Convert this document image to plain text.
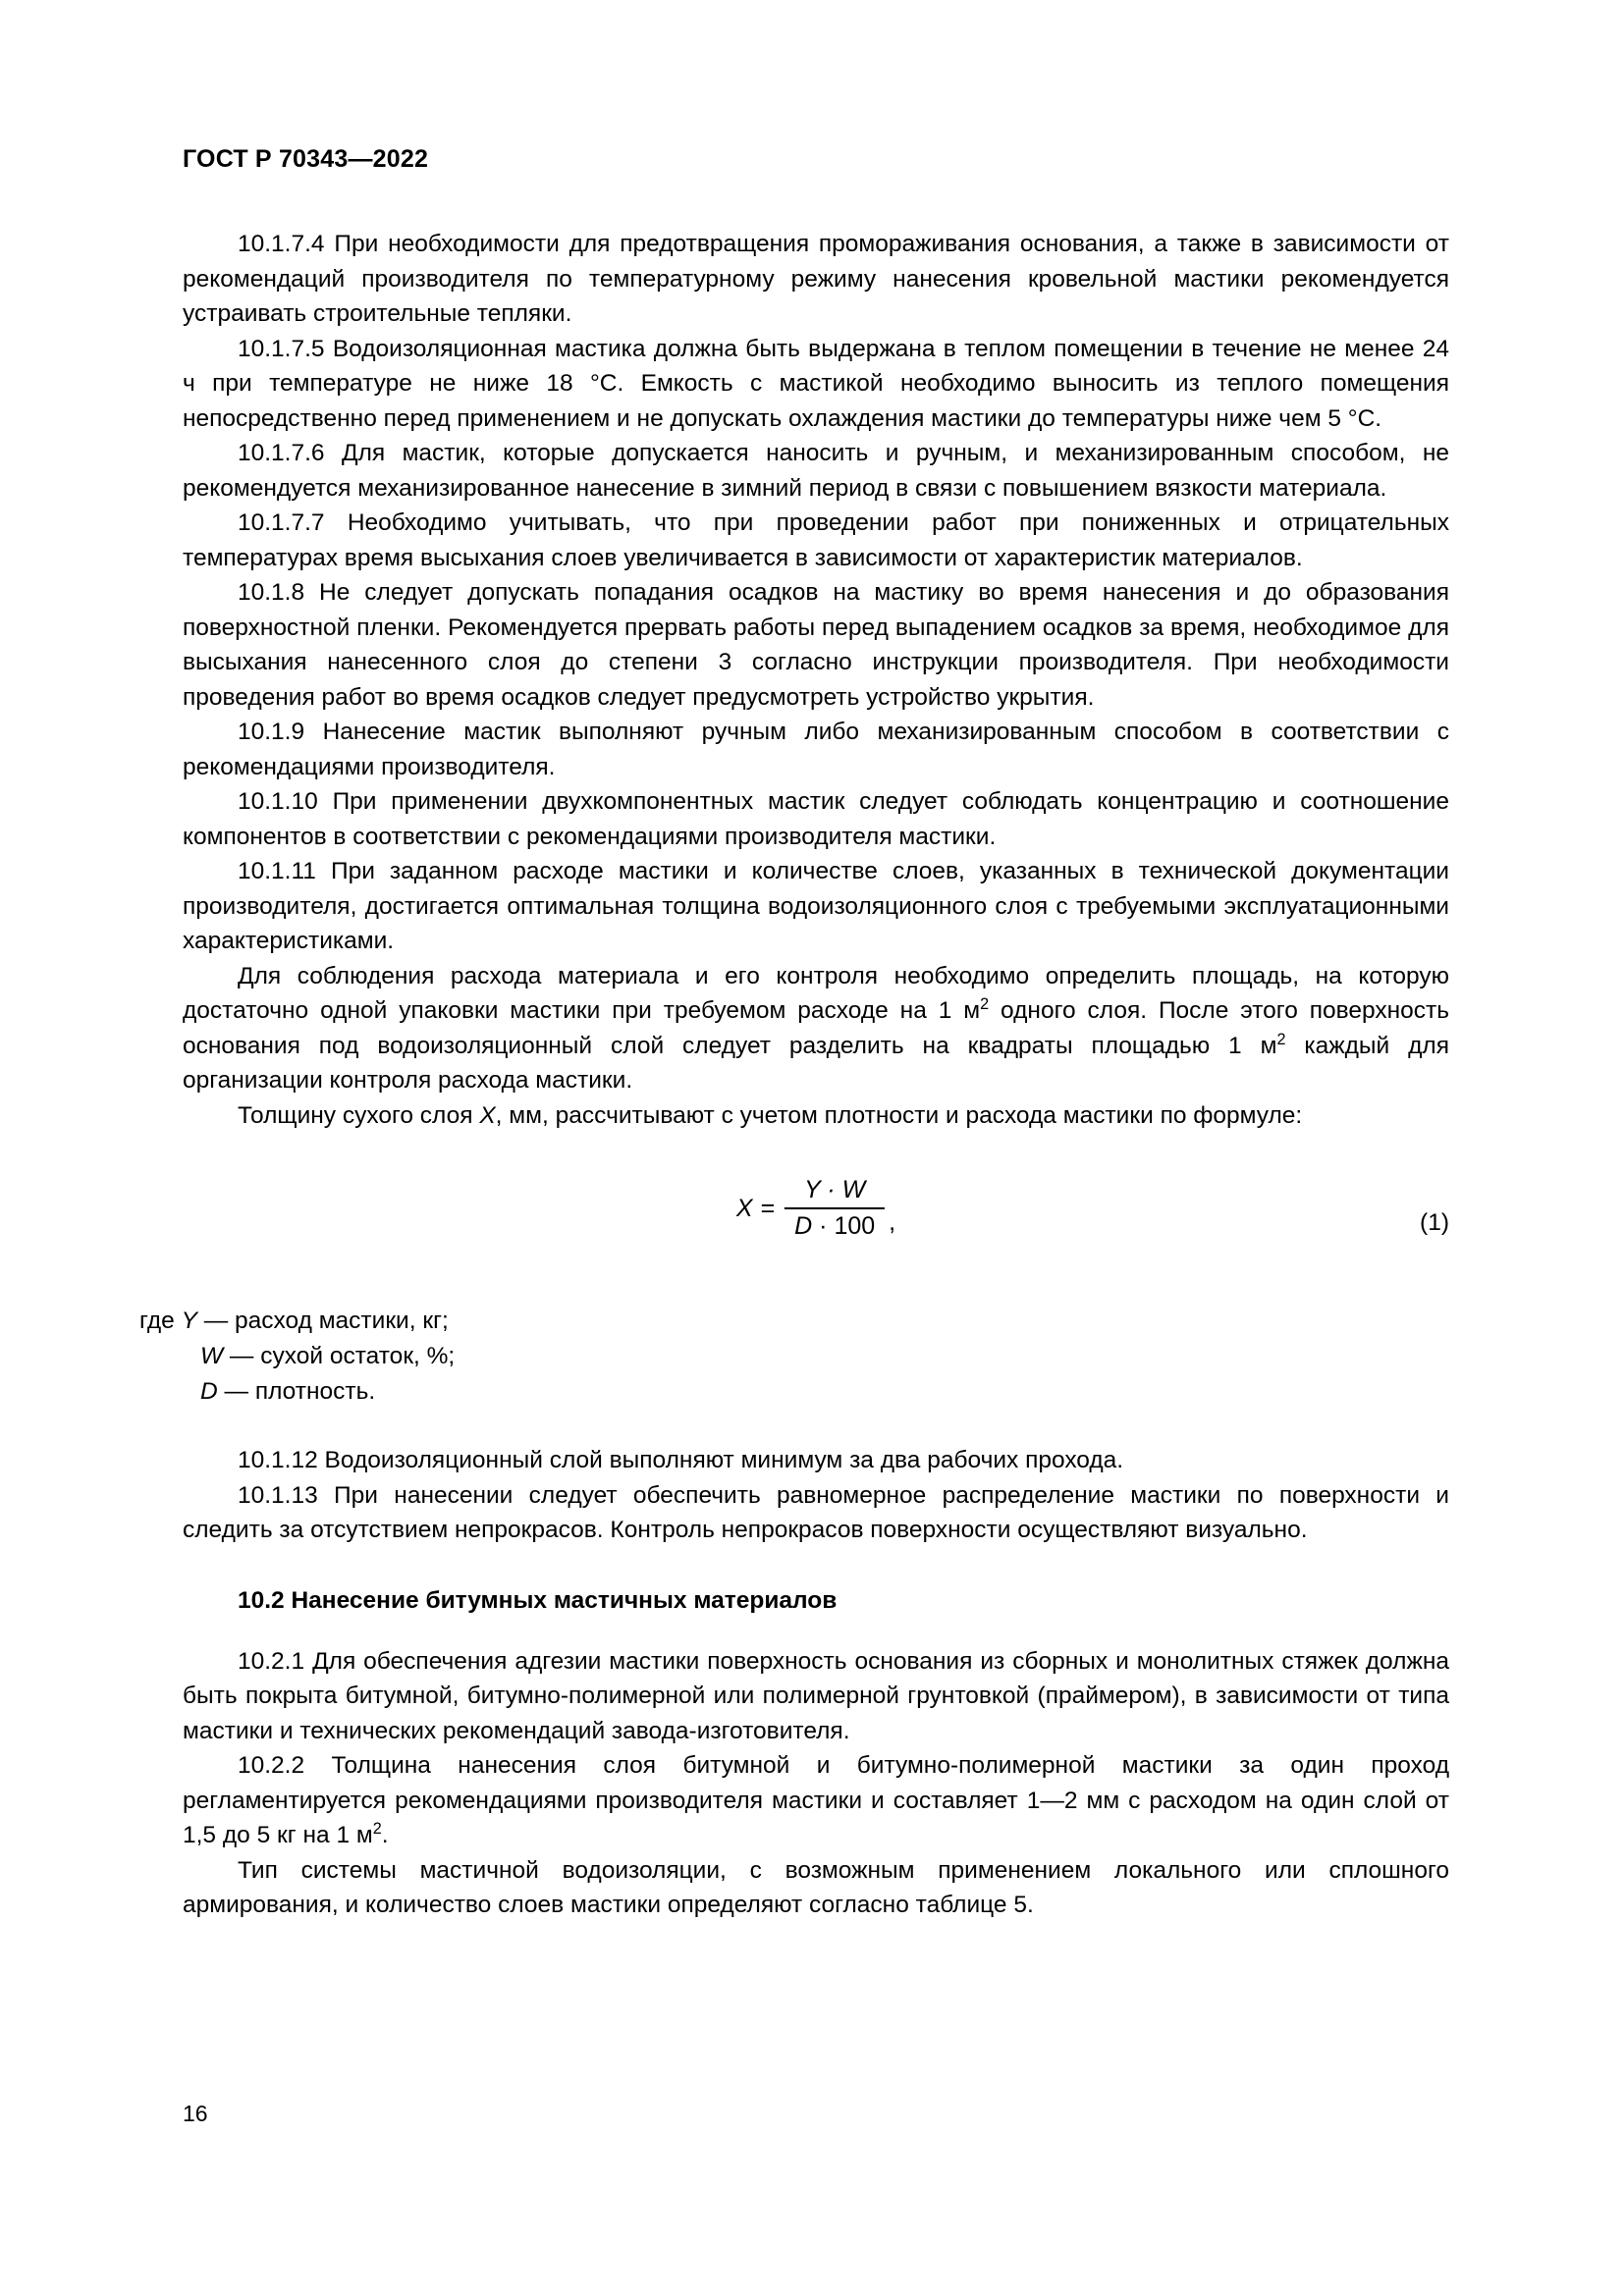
ГОСТ Р 70343—2022

10.1.7.4 При необходимости для предотвращения промораживания основания, а также в зависимости от рекомендаций производителя по температурному режиму нанесения кровельной мастики рекомендуется устраивать строительные тепляки.

10.1.7.5 Водоизоляционная мастика должна быть выдержана в теплом помещении в течение не менее 24 ч при температуре не ниже 18 °С. Емкость с мастикой необходимо выносить из теплого помещения непосредственно перед применением и не допускать охлаждения мастики до температуры ниже чем 5 °С.

10.1.7.6 Для мастик, которые допускается наносить и ручным, и механизированным способом, не рекомендуется механизированное нанесение в зимний период в связи с повышением вязкости материала.

10.1.7.7 Необходимо учитывать, что при проведении работ при пониженных и отрицательных температурах время высыхания слоев увеличивается в зависимости от характеристик материалов.

10.1.8 Не следует допускать попадания осадков на мастику во время нанесения и до образования поверхностной пленки. Рекомендуется прервать работы перед выпадением осадков за время, необходимое для высыхания нанесенного слоя до степени 3 согласно инструкции производителя. При необходимости проведения работ во время осадков следует предусмотреть устройство укрытия.

10.1.9 Нанесение мастик выполняют ручным либо механизированным способом в соответствии с рекомендациями производителя.

10.1.10 При применении двухкомпонентных мастик следует соблюдать концентрацию и соотношение компонентов в соответствии с рекомендациями производителя мастики.

10.1.11 При заданном расходе мастики и количестве слоев, указанных в технической документации производителя, достигается оптимальная толщина водоизоляционного слоя с требуемыми эксплуатационными характеристиками.

Для соблюдения расхода материала и его контроля необходимо определить площадь, на которую достаточно одной упаковки мастики при требуемом расходе на 1 $м^2$ одного слоя. После этого поверхность основания под водоизоляционный слой следует разделить на квадраты площадью 1 $м^2$ каждый для организации контроля расхода мастики.

Толщину сухого слоя X, мм, рассчитывают с учетом плотности и расхода мастики по формуле:

$X = \frac{Y \cdot W}{D \cdot 100}$ ,	(1)
где Y — расход мастики, кг;
W — сухой остаток, %;
D — плотность.

10.1.12 Водоизоляционный слой выполняют минимум за два рабочих прохода.

10.1.13 При нанесении следует обеспечить равномерное распределение мастики по поверхности и следить за отсутствием непрокрасов. Контроль непрокрасов поверхности осуществляют визуально.

10.2 Нанесение битумных мастичных материалов

10.2.1 Для обеспечения адгезии мастики поверхность основания из сборных и монолитных стяжек должна быть покрыта битумной, битумно-полимерной или полимерной грунтовкой (праймером), в зависимости от типа мастики и технических рекомендаций завода-изготовителя.

10.2.2 Толщина нанесения слоя битумной и битумно-полимерной мастики за один проход регламентируется рекомендациями производителя мастики и составляет 1—2 мм с расходом на один слой от 1,5 до 5 кг на 1 $м^2$.

Тип системы мастичной водоизоляции, с возможным применением локального или сплошного армирования, и количество слоев мастики определяют согласно таблице 5.

16
